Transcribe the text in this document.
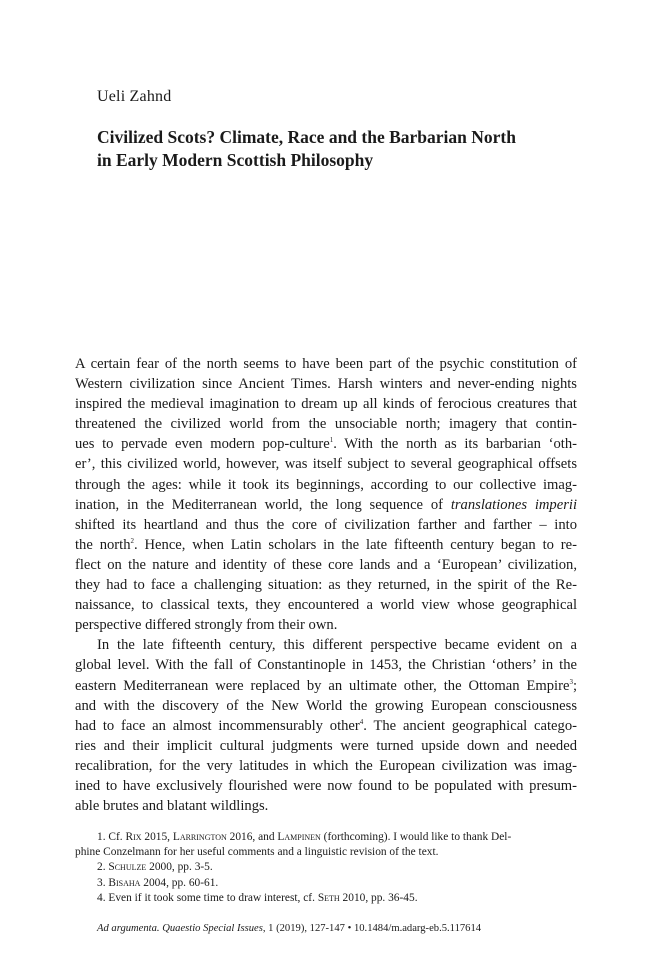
Ueli Zahnd
Civilized Scots? Climate, Race and the Barbarian North
in Early Modern Scottish Philosophy
A certain fear of the north seems to have been part of the psychic constitution of
Western civilization since Ancient Times. Harsh winters and never-ending nights
inspired the medieval imagination to dream up all kinds of ferocious creatures that
threatened the civilized world from the unsociable north; imagery that contin-
ues to pervade even modern pop-culture$^1$. With the north as its barbarian ‘oth-
er’, this civilized world, however, was itself subject to several geographical offsets
through the ages: while it took its beginnings, according to our collective imag-
ination, in the Mediterranean world, the long sequence of translationes imperii
shifted its heartland and thus the core of civilization farther and farther – into
the north$^2$. Hence, when Latin scholars in the late fifteenth century began to re-
flect on the nature and identity of these core lands and a ‘European’ civilization,
they had to face a challenging situation: as they returned, in the spirit of the Re-
naissance, to classical texts, they encountered a world view whose geographical
perspective differed strongly from their own.
In the late fifteenth century, this different perspective became evident on a
global level. With the fall of Constantinople in 1453, the Christian ‘others’ in the
eastern Mediterranean were replaced by an ultimate other, the Ottoman Empire$^3$;
and with the discovery of the New World the growing European consciousness
had to face an almost incommensurably other$^4$. The ancient geographical catego-
ries and their implicit cultural judgments were turned upside down and needed
recalibration, for the very latitudes in which the European civilization was imag-
ined to have exclusively flourished were now found to be populated with presum-
able brutes and blatant wildlings.
1. Cf. Rix 2015, Larrington 2016, and Lampinen (forthcoming). I would like to thank Del-
phine Conzelmann for her useful comments and a linguistic revision of the text.
2. Schulze 2000, pp. 3-5.
3. Bisaha 2004, pp. 60-61.
4. Even if it took some time to draw interest, cf. Seth 2010, pp. 36-45.
Ad argumenta. Quaestio Special Issues, 1 (2019), 127-147 • 10.1484/m.adarg-eb.5.117614
